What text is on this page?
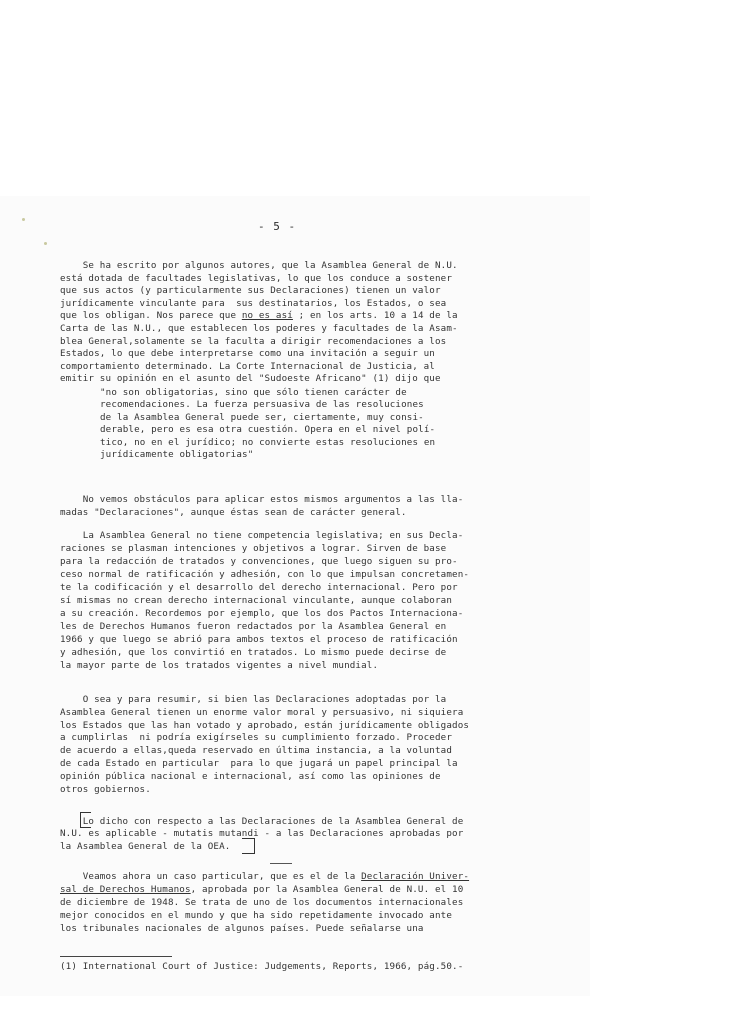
- 5 -
Se ha escrito por algunos autores, que la Asamblea General de N.U.
está dotada de facultades legislativas, lo que los conduce a sostener
que sus actos (y particularmente sus Declaraciones) tienen un valor
jurídicamente vinculante para  sus destinatarios, los Estados, o sea
que los obligan. Nos parece que no es así ; en los arts. 10 a 14 de la
Carta de las N.U., que establecen los poderes y facultades de la Asam-
blea General,solamente se la faculta a dirigir recomendaciones a los
Estados, lo que debe interpretarse como una invitación a seguir un
comportamiento determinado. La Corte Internacional de Justicia, al
emitir su opinión en el asunto del "Sudoeste Africano" (1) dijo que
"no son obligatorias, sino que sólo tienen carácter de
recomendaciones. La fuerza persuasiva de las resoluciones
de la Asamblea General puede ser, ciertamente, muy consi-
derable, pero es esa otra cuestión. Opera en el nivel polí-
tico, no en el jurídico; no convierte estas resoluciones en
jurídicamente obligatorias"
No vemos obstáculos para aplicar estos mismos argumentos a las lla-
madas "Declaraciones", aunque éstas sean de carácter general.
La Asamblea General no tiene competencia legislativa; en sus Decla-
raciones se plasman intenciones y objetivos a lograr. Sirven de base
para la redacción de tratados y convenciones, que luego siguen su pro-
ceso normal de ratificación y adhesión, con lo que impulsan concretamen-
te la codificación y el desarrollo del derecho internacional. Pero por
sí mismas no crean derecho internacional vinculante, aunque colaboran
a su creación. Recordemos por ejemplo, que los dos Pactos Internaciona-
les de Derechos Humanos fueron redactados por la Asamblea General en
1966 y que luego se abrió para ambos textos el proceso de ratificación
y adhesión, que los convirtió en tratados. Lo mismo puede decirse de
la mayor parte de los tratados vigentes a nivel mundial.
O sea y para resumir, si bien las Declaraciones adoptadas por la
Asamblea General tienen un enorme valor moral y persuasivo, ni siquiera
los Estados que las han votado y aprobado, están jurídicamente obligados
a cumplirlas  ni podría exigírseles su cumplimiento forzado. Proceder
de acuerdo a ellas,queda reservado en última instancia, a la voluntad
de cada Estado en particular  para lo que jugará un papel principal la
opinión pública nacional e internacional, así como las opiniones de
otros gobiernos.
Lo dicho con respecto a las Declaraciones de la Asamblea General de
N.U. es aplicable - mutatis mutandi - a las Declaraciones aprobadas por
la Asamblea General de la OEA.
Veamos ahora un caso particular, que es el de la Declaración Univer-
sal de Derechos Humanos, aprobada por la Asamblea General de N.U. el 10
de diciembre de 1948. Se trata de uno de los documentos internacionales
mejor conocidos en el mundo y que ha sido repetidamente invocado ante
los tribunales nacionales de algunos países. Puede señalarse una
(1) International Court of Justice: Judgements, Reports, 1966, pág.50.-
